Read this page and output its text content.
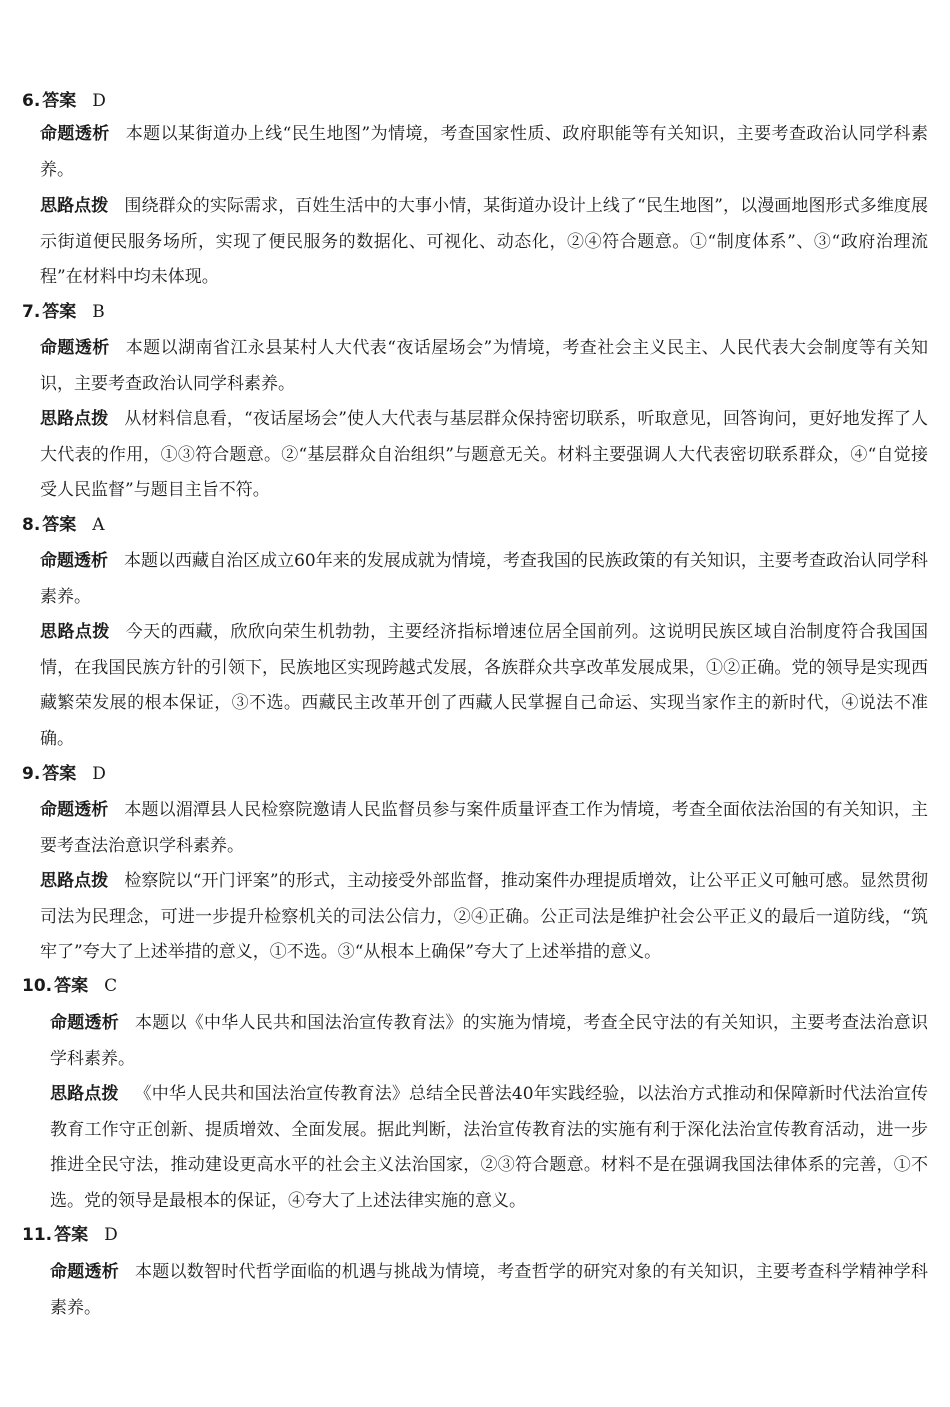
6. 答案 D
命题透析 本题以某街道办上线“民生地图”为情境，考查国家性质、政府职能等有关知识，主要考查政治认同学科素养。
思路点拨 围绕群众的实际需求，百姓生活中的大事小情，某街道办设计上线了“民生地图”，以漫画地图形式多维度展示街道便民服务场所，实现了便民服务的数据化、可视化、动态化，②④符合题意。①“制度体系”、③“政府治理流程”在材料中均未体现。
7. 答案 B
命题透析 本题以湖南省江永县某村人大代表“夜话屋场会”为情境，考查社会主义民主、人民代表大会制度等有关知识，主要考查政治认同学科素养。
思路点拨 从材料信息看，“夜话屋场会”使人大代表与基层群众保持密切联系，听取意见，回答询问，更好地发挥了人大代表的作用，①③符合题意。②“基层群众自治组织”与题意无关。材料主要强调人大代表密切联系群众，④“自觉接受人民监督”与题目主旨不符。
8. 答案 A
命题透析 本题以西藏自治区成立60年来的发展成就为情境，考查我国的民族政策的有关知识，主要考查政治认同学科素养。
思路点拨 今天的西藏，欣欣向荣生机勃勃，主要经济指标增速位居全国前列。这说明民族区域自治制度符合我国国情，在我国民族方针的引领下，民族地区实现跨越式发展，各族群众共享改革发展成果，①②正确。党的领导是实现西藏繁荣发展的根本保证，③不选。西藏民主改革开创了西藏人民掌握自己命运、实现当家作主的新时代，④说法不准确。
9. 答案 D
命题透析 本题以湄潭县人民检察院邀请人民监督员参与案件质量评查工作为情境，考查全面依法治国的有关知识，主要考查法治意识学科素养。
思路点拨 检察院以“开门评案”的形式，主动接受外部监督，推动案件办理提质增效，让公平正义可触可感。显然贯彻司法为民理念，可进一步提升检察机关的司法公信力，②④正确。公正司法是维护社会公平正义的最后一道防线，“筑牢了”夸大了上述举措的意义，①不选。③“从根本上确保”夸大了上述举措的意义。
10. 答案 C
命题透析 本题以《中华人民共和国法治宣传教育法》的实施为情境，考查全民守法的有关知识，主要考查法治意识学科素养。
思路点拨 《中华人民共和国法治宣传教育法》总结全民普法40年实践经验，以法治方式推动和保障新时代法治宣传教育工作守正创新、提质增效、全面发展。据此判断，法治宣传教育法的实施有利于深化法治宣传教育活动，进一步推进全民守法，推动建设更高水平的社会主义法治国家，②③符合题意。材料不是在强调我国法律体系的完善，①不选。党的领导是最根本的保证，④夸大了上述法律实施的意义。
11. 答案 D
命题透析 本题以数智时代哲学面临的机遇与挑战为情境，考查哲学的研究对象的有关知识，主要考查科学精神学科素养。
